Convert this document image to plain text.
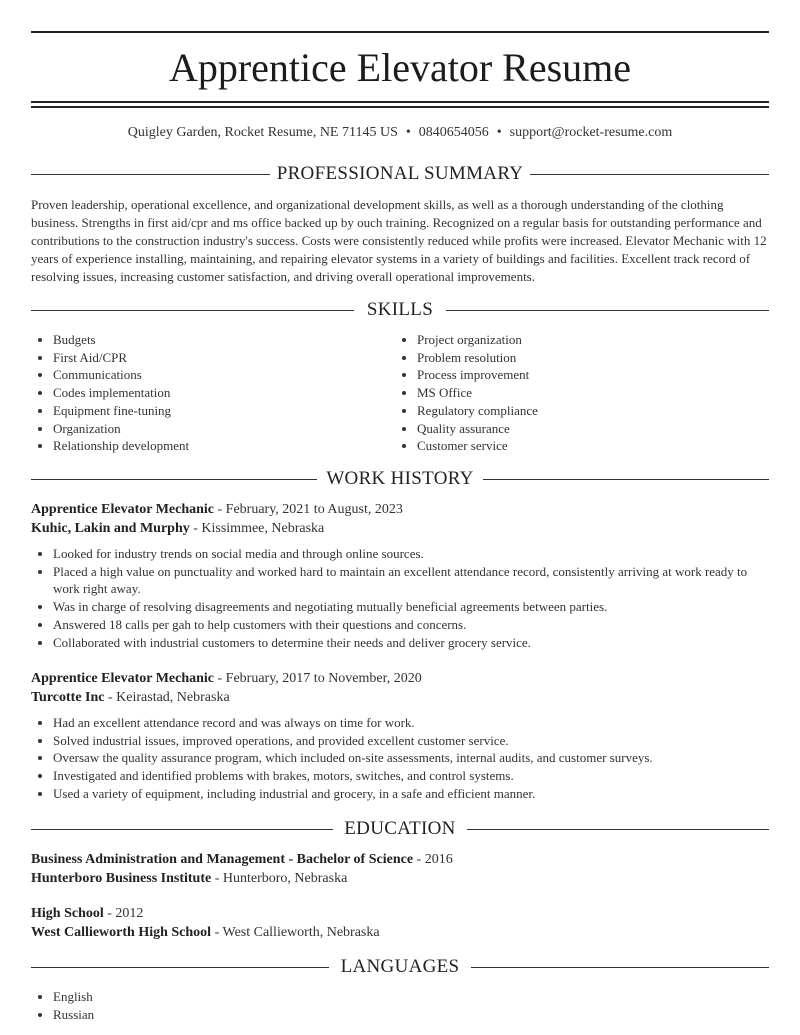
Apprentice Elevator Resume
Quigley Garden, Rocket Resume, NE 71145 US • 0840654056 • support@rocket-resume.com
PROFESSIONAL SUMMARY

Proven leadership, operational excellence, and organizational development skills, as well as a thorough understanding of the clothing business. Strengths in first aid/cpr and ms office backed up by ouch training. Recognized on a regular basis for outstanding performance and contributions to the construction industry's success. Costs were consistently reduced while profits were increased. Elevator Mechanic with 12 years of experience installing, maintaining, and repairing elevator systems in a variety of buildings and facilities. Excellent track record of resolving issues, increasing customer satisfaction, and driving overall operational improvements.

SKILLS
• Budgets
• First Aid/CPR
• Communications
• Codes implementation
• Equipment fine-tuning
• Organization
• Relationship development
• Project organization
• Problem resolution
• Process improvement
• MS Office
• Regulatory compliance
• Quality assurance
• Customer service
WORK HISTORY
Apprentice Elevator Mechanic - February, 2021 to August, 2023
Kuhic, Lakin and Murphy - Kissimmee, Nebraska
• Looked for industry trends on social media and through online sources.
• Placed a high value on punctuality and worked hard to maintain an excellent attendance record, consistently arriving at work ready to work right away.
• Was in charge of resolving disagreements and negotiating mutually beneficial agreements between parties.
• Answered 18 calls per gah to help customers with their questions and concerns.
• Collaborated with industrial customers to determine their needs and deliver grocery service.
Apprentice Elevator Mechanic - February, 2017 to November, 2020
Turcotte Inc - Keirastad, Nebraska
• Had an excellent attendance record and was always on time for work.
• Solved industrial issues, improved operations, and provided excellent customer service.
• Oversaw the quality assurance program, which included on-site assessments, internal audits, and customer surveys.
• Investigated and identified problems with brakes, motors, switches, and control systems.
• Used a variety of equipment, including industrial and grocery, in a safe and efficient manner.
EDUCATION
Business Administration and Management - Bachelor of Science - 2016
Hunterboro Business Institute - Hunterboro, Nebraska
High School - 2012
West Callieworth High School - West Callieworth, Nebraska
LANGUAGES
• English
• Russian
